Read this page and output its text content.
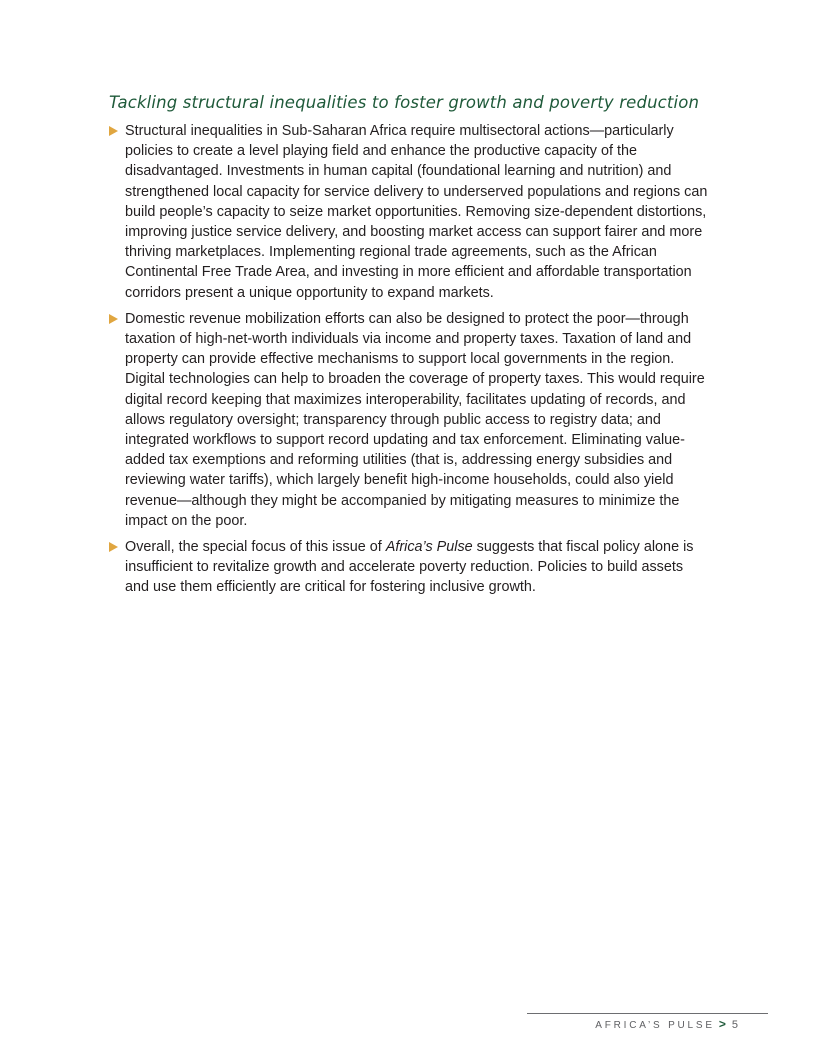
Tackling structural inequalities to foster growth and poverty reduction
Structural inequalities in Sub-Saharan Africa require multisectoral actions—particularly policies to create a level playing field and enhance the productive capacity of the disadvantaged. Investments in human capital (foundational learning and nutrition) and strengthened local capacity for service delivery to underserved populations and regions can build people’s capacity to seize market opportunities. Removing size-dependent distortions, improving justice service delivery, and boosting market access can support fairer and more thriving marketplaces. Implementing regional trade agreements, such as the African Continental Free Trade Area, and investing in more efficient and affordable transportation corridors present a unique opportunity to expand markets.
Domestic revenue mobilization efforts can also be designed to protect the poor—through taxation of high-net-worth individuals via income and property taxes. Taxation of land and property can provide effective mechanisms to support local governments in the region. Digital technologies can help to broaden the coverage of property taxes. This would require digital record keeping that maximizes interoperability, facilitates updating of records, and allows regulatory oversight; transparency through public access to registry data; and integrated workflows to support record updating and tax enforcement. Eliminating value-added tax exemptions and reforming utilities (that is, addressing energy subsidies and reviewing water tariffs), which largely benefit high-income households, could also yield revenue—although they might be accompanied by mitigating measures to minimize the impact on the poor.
Overall, the special focus of this issue of Africa’s Pulse suggests that fiscal policy alone is insufficient to revitalize growth and accelerate poverty reduction. Policies to build assets and use them efficiently are critical for fostering inclusive growth.
AFRICA’S PULSE > 5
